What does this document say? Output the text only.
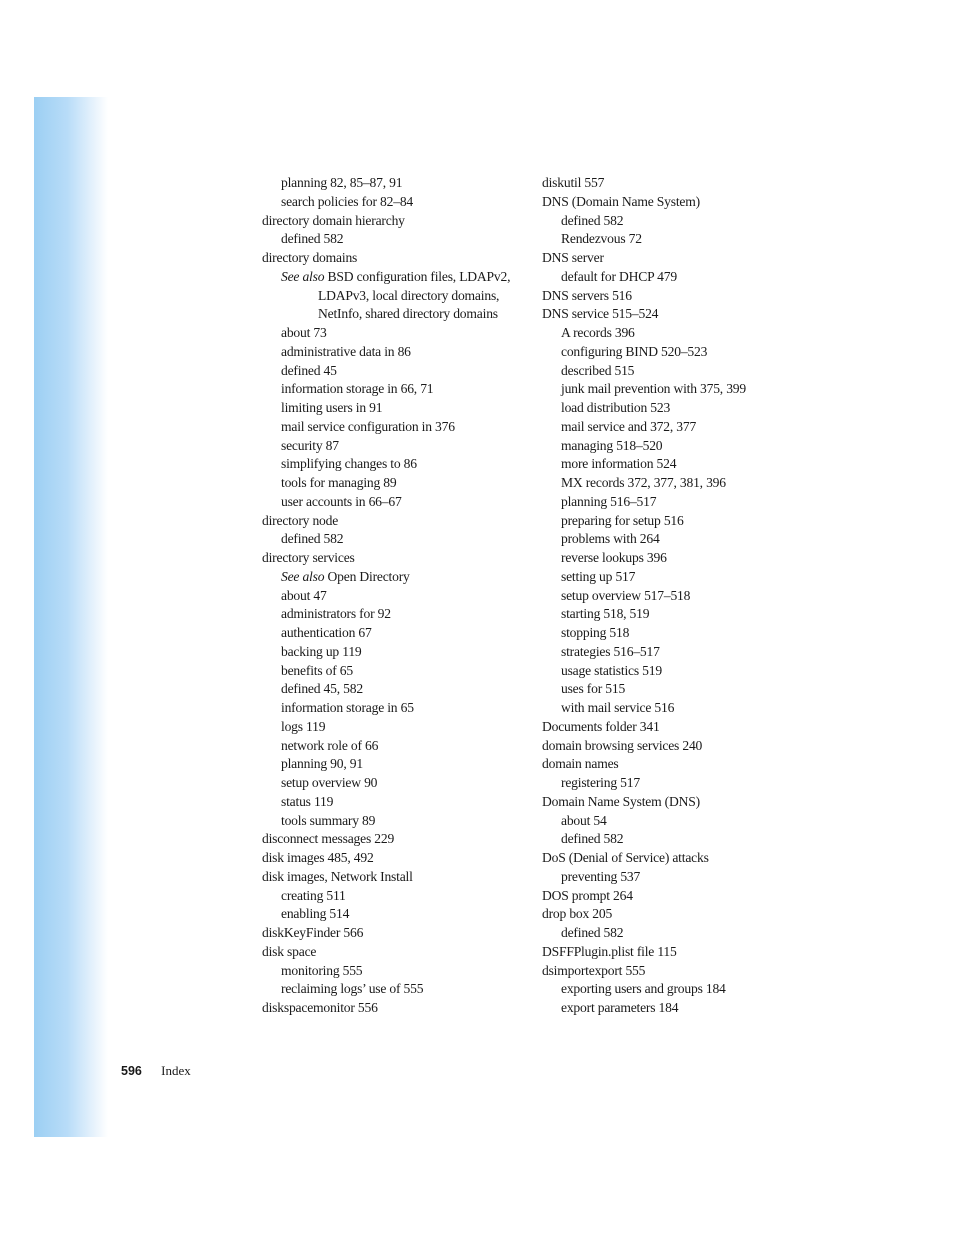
planning 82, 85–87, 91
search policies for 82–84
directory domain hierarchy
defined 582
directory domains
See also BSD configuration files, LDAPv2,
LDAPv3, local directory domains,
NetInfo, shared directory domains
about 73
administrative data in 86
defined 45
information storage in 66, 71
limiting users in 91
mail service configuration in 376
security 87
simplifying changes to 86
tools for managing 89
user accounts in 66–67
directory node
defined 582
directory services
See also Open Directory
about 47
administrators for 92
authentication 67
backing up 119
benefits of 65
defined 45, 582
information storage in 65
logs 119
network role of 66
planning 90, 91
setup overview 90
status 119
tools summary 89
disconnect messages 229
disk images 485, 492
disk images, Network Install
creating 511
enabling 514
diskKeyFinder 566
disk space
monitoring 555
reclaiming logs’ use of 555
diskspacemonitor 556
diskutil 557
DNS (Domain Name System)
defined 582
Rendezvous 72
DNS server
default for DHCP 479
DNS servers 516
DNS service 515–524
A records 396
configuring BIND 520–523
described 515
junk mail prevention with 375, 399
load distribution 523
mail service and 372, 377
managing 518–520
more information 524
MX records 372, 377, 381, 396
planning 516–517
preparing for setup 516
problems with 264
reverse lookups 396
setting up 517
setup overview 517–518
starting 518, 519
stopping 518
strategies 516–517
usage statistics 519
uses for 515
with mail service 516
Documents folder 341
domain browsing services 240
domain names
registering 517
Domain Name System (DNS)
about 54
defined 582
DoS (Denial of Service) attacks
preventing 537
DOS prompt 264
drop box 205
defined 582
DSFFPlugin.plist file 115
dsimportexport 555
exporting users and groups 184
export parameters 184
596 Index
